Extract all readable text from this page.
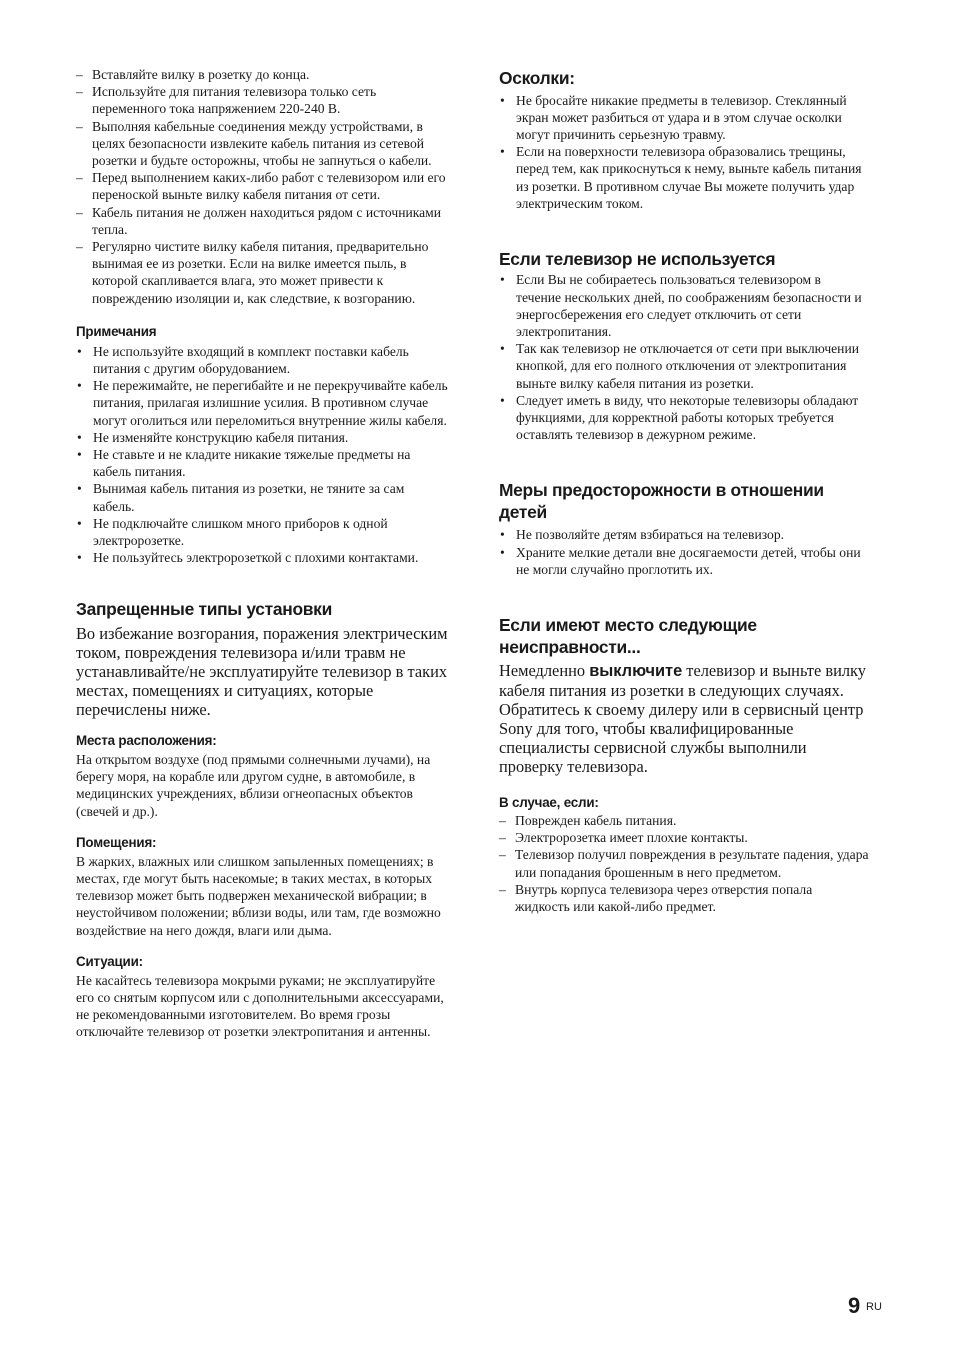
– Вставляйте вилку в розетку до конца.
– Используйте для питания телевизора только сеть переменного тока напряжением 220-240 В.
– Выполняя кабельные соединения между устройствами, в целях безопасности извлеките кабель питания из сетевой розетки и будьте осторожны, чтобы не запнуться о кабели.
– Перед выполнением каких-либо работ с телевизором или его переноской выньте вилку кабеля питания от сети.
– Кабель питания не должен находиться рядом с источниками тепла.
– Регулярно чистите вилку кабеля питания, предварительно вынимая ее из розетки. Если на вилке имеется пыль, в которой скапливается влага, это может привести к повреждению изоляции и, как следствие, к возгоранию.
Примечания
• Не используйте входящий в комплект поставки кабель питания с другим оборудованием.
• Не пережимайте, не перегибайте и не перекручивайте кабель питания, прилагая излишние усилия. В противном случае могут оголиться или переломиться внутренние жилы кабеля.
• Не изменяйте конструкцию кабеля питания.
• Не ставьте и не кладите никакие тяжелые предметы на кабель питания.
• Вынимая кабель питания из розетки, не тяните за сам кабель.
• Не подключайте слишком много приборов к одной электророзетке.
• Не пользуйтесь электророзеткой с плохими контактами.
Запрещенные типы установки

Во избежание возгорания, поражения электрическим током, повреждения телевизора и/или травм не устанавливайте/не эксплуатируйте телевизор в таких местах, помещениях и ситуациях, которые перечислены ниже.

Места расположения:

На открытом воздухе (под прямыми солнечными лучами), на берегу моря, на корабле или другом судне, в автомобиле, в медицинских учреждениях, вблизи огнеопасных объектов (свечей и др.).

Помещения:

В жарких, влажных или слишком запыленных помещениях; в местах, где могут быть насекомые; в таких местах, в которых телевизор может быть подвержен механической вибрации; в неустойчивом положении; вблизи воды, или там, где возможно воздействие на него дождя, влаги или дыма.

Ситуации:

Не касайтесь телевизора мокрыми руками; не эксплуатируйте его со снятым корпусом или с дополнительными аксессуарами, не рекомендованными изготовителем. Во время грозы отключайте телевизор от розетки электропитания и антенны.

Осколки:
• Не бросайте никакие предметы в телевизор. Стеклянный экран может разбиться от удара и в этом случае осколки могут причинить серьезную травму.
• Если на поверхности телевизора образовались трещины, перед тем, как прикоснуться к нему, выньте кабель питания из розетки. В противном случае Вы можете получить удар электрическим током.
Если телевизор не используется
• Если Вы не собираетесь пользоваться телевизором в течение нескольких дней, по соображениям безопасности и энергосбережения его следует отключить от сети электропитания.
• Так как телевизор не отключается от сети при выключении кнопкой, для его полного отключения от электропитания выньте вилку кабеля питания из розетки.
• Следует иметь в виду, что некоторые телевизоры обладают функциями, для корректной работы которых требуется оставлять телевизор в дежурном режиме.
Меры предосторожности в отношении детей
• Не позволяйте детям взбираться на телевизор.
• Храните мелкие детали вне досягаемости детей, чтобы они не могли случайно проглотить их.
Если имеют место следующие неисправности...

Немедленно выключите телевизор и выньте вилку кабеля питания из розетки в следующих случаях.

Обратитесь к своему дилеру или в сервисный центр Sony для того, чтобы квалифицированные специалисты сервисной службы выполнили проверку телевизора.

В случае, если:
– Поврежден кабель питания.
– Электророзетка имеет плохие контакты.
– Телевизор получил повреждения в результате падения, удара или попадания брошенным в него предметом.
– Внутрь корпуса телевизора через отверстия попала жидкость или какой-либо предмет.
9 RU
